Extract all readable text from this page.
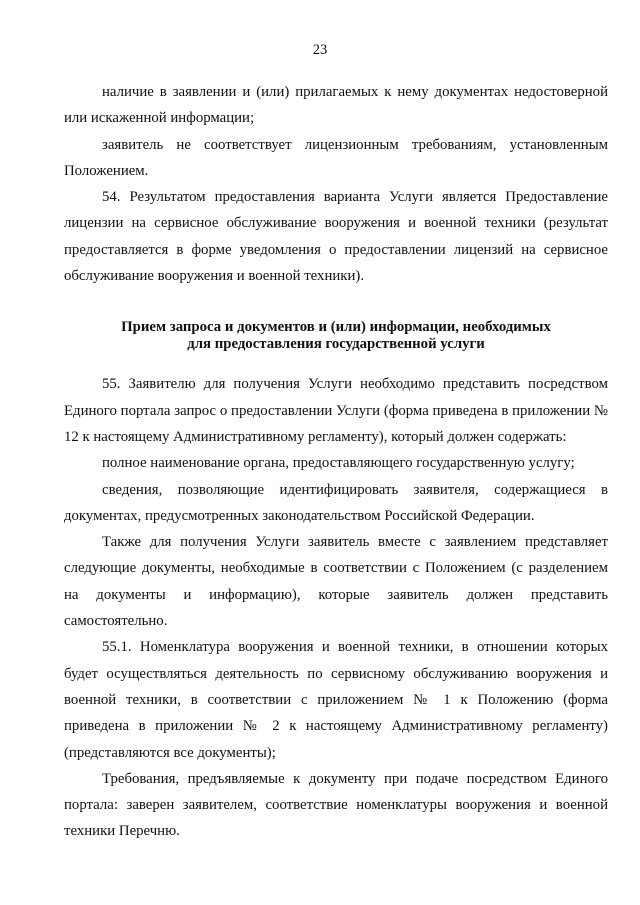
23

наличие в заявлении и (или) прилагаемых к нему документах недостоверной или искаженной информации;

заявитель не соответствует лицензионным требованиям, установленным Положением.

54. Результатом предоставления варианта Услуги является Предоставление лицензии на сервисное обслуживание вооружения и военной техники (результат предоставляется в форме уведомления о предоставлении лицензий на сервисное обслуживание вооружения и военной техники).

Прием запроса и документов и (или) информации, необходимых
для предоставления государственной услуги

55. Заявителю для получения Услуги необходимо представить посредством Единого портала запрос о предоставлении Услуги (форма приведена в приложении № 12 к настоящему Административному регламенту), который должен содержать:

полное наименование органа, предоставляющего государственную услугу;

сведения, позволяющие идентифицировать заявителя, содержащиеся в документах, предусмотренных законодательством Российской Федерации.

Также для получения Услуги заявитель вместе с заявлением представляет следующие документы, необходимые в соответствии с Положением (с разделением на документы и информацию), которые заявитель должен представить самостоятельно.

55.1. Номенклатура вооружения и военной техники, в отношении которых будет осуществляться деятельность по сервисному обслуживанию вооружения и военной техники, в соответствии с приложением № 1 к Положению (форма приведена в приложении № 2 к настоящему Административному регламенту) (представляются все документы);

Требования, предъявляемые к документу при подаче посредством Единого портала: заверен заявителем, соответствие номенклатуры вооружения и военной техники Перечню.
